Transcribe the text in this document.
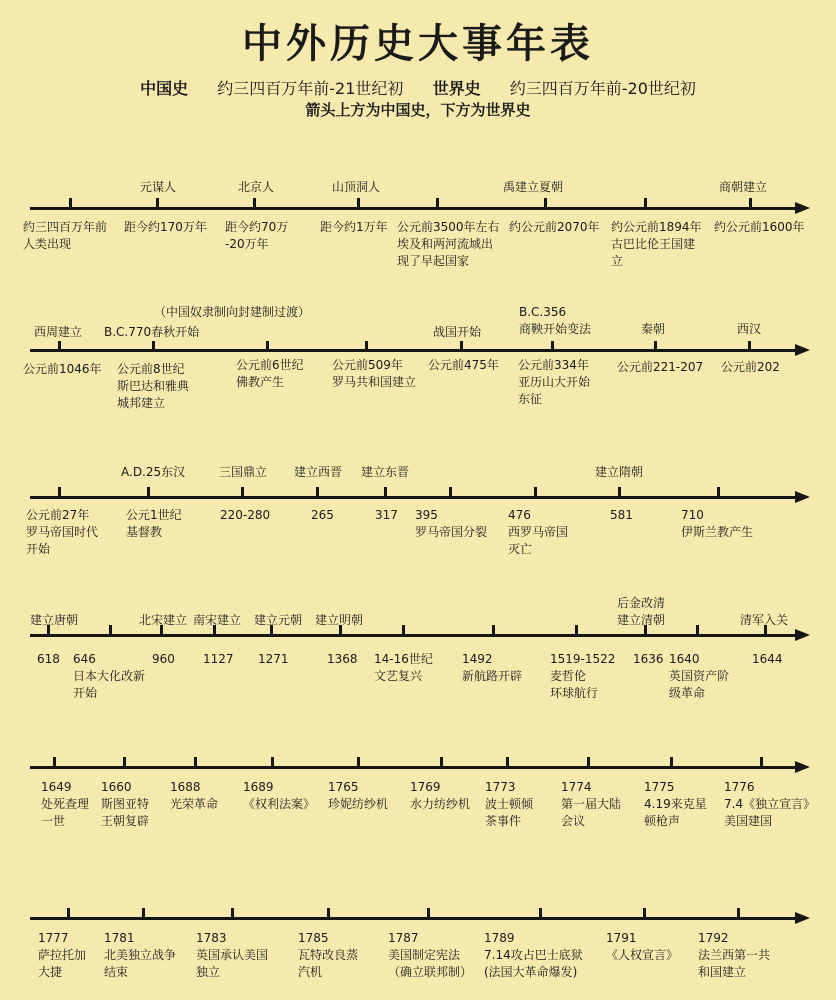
中外历史大事年表
中国史 约三四百万年前-21世纪初 世界史 约三四百万年前-20世纪初
箭头上方为中国史，下方为世界史
元谋人	北京人	山顶洞人	禹建立夏朝	商朝建立
约三四百万年前
人类出现
距今约170万年 距今约70万
-20万年
距今约1万年 公元前3500年左右
埃及和两河流域出
现了早起国家
约公元前2070年 约公元前1894年
古巴比伦王国建
立
约公元前1600年
（中国奴隶制向封建制过渡）
西周建立 B.C.770春秋开始	战国开始
B.C.356
商鞅开始变法	秦朝	西汉
公元前1046年 公元前8世纪
斯巴达和雅典
城邦建立
公元前6世纪
佛教产生
公元前509年
罗马共和国建立
公元前475年 公元前334年
亚历山大开始
东征
公元前221-207 公元前202
A.D.25东汉	三国鼎立 建立西晋 建立东晋	建立隋朝
公元前27年
罗马帝国时代
开始
公元1世纪
基督教
220-280	265	317 395
罗马帝国分裂
476
西罗马帝国
灭亡
581	710
伊斯兰教产生
建立唐朝	北宋建立 南宋建立 建立元朝 建立明朝
后金改清
建立清朝	清军入关
618 646
日本大化改新
开始
960 1127 1271	1368 14-16世纪
文艺复兴
1492
新航路开辟
1519-1522
麦哲伦
环球航行
1636 1640
英国资产阶
级革命
1644
1649
处死查理
一世
1660
斯图亚特
王朝复辟
1688
光荣革命
1689
《权利法案》
1765
珍妮纺纱机
1769
水力纺纱机
1773
波士顿倾
茶事件
1774
第一届大陆
会议
1775
4.19来克星
顿枪声
1776
7.4《独立宣言》
美国建国
1777
萨拉托加
大捷
1781
北美独立战争
结束
1783
英国承认美国
独立
1785
瓦特改良蒸
汽机
1787
美国制定宪法
（确立联邦制）
1789
7.14攻占巴士底狱
(法国大革命爆发)
1791
《人权宣言》
1792
法兰西第一共
和国建立
